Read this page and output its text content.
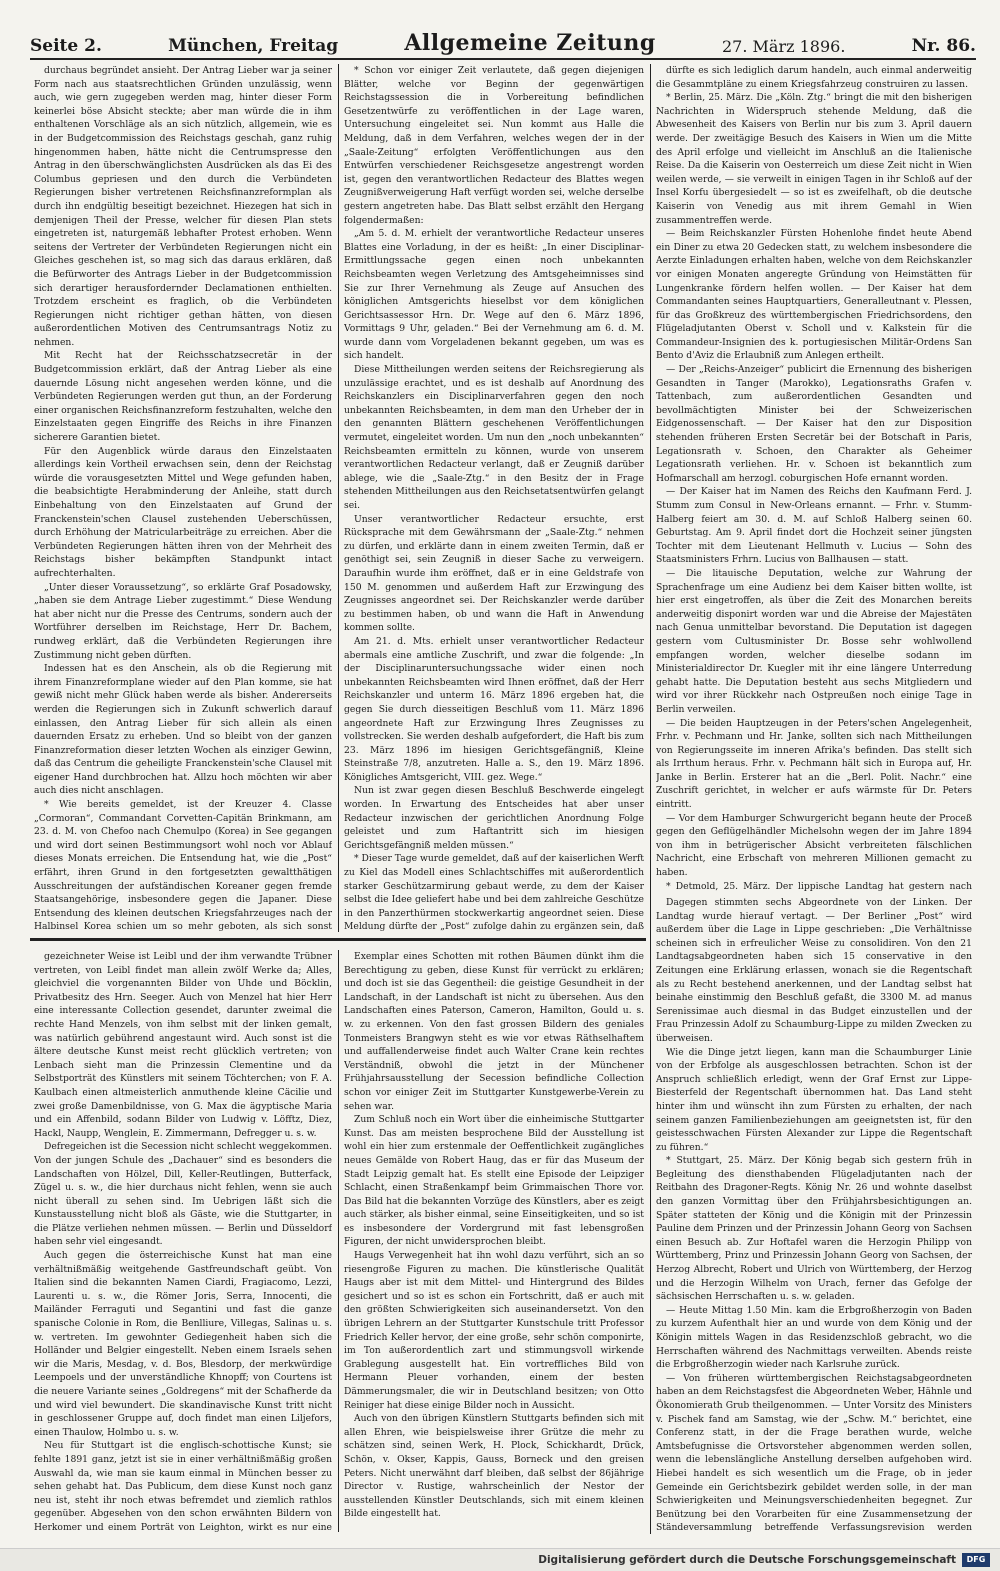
Seite 2.	München, Freitag	Allgemeine Zeitung	27. März 1896.	Nr. 86.

durchaus begründet ansieht. Der Antrag Lieber war ja seiner Form nach aus staatsrechtlichen Gründen unzulässig, wenn auch, wie gern zugegeben werden mag, hinter dieser Form keinerlei böse Absicht steckte; aber man würde die in ihm enthaltenen Vorschläge als an sich nützlich, allgemein, wie es in der Budgetcommission des Reichstags geschah, ganz ruhig hingenommen haben, hätte nicht die Centrumspresse den Antrag in den überschwänglichsten Ausdrücken als das Ei des Columbus gepriesen und den durch die Verbündeten Regierungen bisher vertretenen Reichsfinanzreformplan als durch ihn endgültig beseitigt bezeichnet. Hiezegen hat sich in demjenigen Theil der Presse, welcher für diesen Plan stets eingetreten ist, naturgemäß lebhafter Protest erhoben. Wenn seitens der Vertreter der Verbündeten Regierungen nicht ein Gleiches geschehen ist, so mag sich das daraus erklären, daß die Befürworter des Antrags Lieber in der Budgetcommission sich derartiger herausfordernder Declamationen enthielten. Trotzdem erscheint es fraglich, ob die Verbündeten Regierungen nicht richtiger gethan hätten, von diesen außerordentlichen Motiven des Centrumsantrags Notiz zu nehmen.

Mit Recht hat der Reichsschatzsecretär in der Budgetcommission erklärt, daß der Antrag Lieber als eine dauernde Lösung nicht angesehen werden könne, und die Verbündeten Regierungen werden gut thun, an der Forderung einer organischen Reichsfinanzreform festzuhalten, welche den Einzelstaaten gegen Eingriffe des Reichs in ihre Finanzen sicherere Garantien bietet.

Für den Augenblick würde daraus den Einzelstaaten allerdings kein Vortheil erwachsen sein, denn der Reichstag würde die vorausgesetzten Mittel und Wege gefunden haben, die beabsichtigte Herabminderung der Anleihe, statt durch Einbehaltung von den Einzelstaaten auf Grund der Franckenstein'schen Clausel zustehenden Ueberschüssen, durch Erhöhung der Matricularbeiträge zu erreichen. Aber die Verbündeten Regierungen hätten ihren von der Mehrheit des Reichstags bisher bekämpften Standpunkt intact aufrechterhalten.

„Unter dieser Voraussetzung“, so erklärte Graf Posadowsky, „haben sie dem Antrage Lieber zugestimmt.“ Diese Wendung hat aber nicht nur die Presse des Centrums, sondern auch der Wortführer derselben im Reichstage, Herr Dr. Bachem, rundweg erklärt, daß die Verbündeten Regierungen ihre Zustimmung nicht geben dürften.

Indessen hat es den Anschein, als ob die Regierung mit ihrem Finanzreformplane wieder auf den Plan komme, sie hat gewiß nicht mehr Glück haben werde als bisher. Andererseits werden die Regierungen sich in Zukunft schwerlich darauf einlassen, den Antrag Lieber für sich allein als einen dauernden Ersatz zu erheben. Und so bleibt von der ganzen Finanzreformation dieser letzten Wochen als einziger Gewinn, daß das Centrum die geheiligte Franckenstein'sche Clausel mit eigener Hand durchbrochen hat. Allzu hoch möchten wir aber auch dies nicht anschlagen.

* Wie bereits gemeldet, ist der Kreuzer 4. Classe „Cormoran“, Commandant Corvetten-Capitän Brinkmann, am 23. d. M. von Chefoo nach Chemulpo (Korea) in See gegangen und wird dort seinen Bestimmungsort wohl noch vor Ablauf dieses Monats erreichen. Die Entsendung hat, wie die „Post“ erfährt, ihren Grund in den fortgesetzten gewaltthätigen Ausschreitungen der aufständischen Koreaner gegen fremde Staatsangehörige, insbesondere gegen die Japaner. Diese Entsendung des kleinen deutschen Kriegsfahrzeuges nach der Halbinsel Korea schien um so mehr geboten, als sich sonst

* Schon vor einiger Zeit verlautete, daß gegen diejenigen Blätter, welche vor Beginn der gegenwärtigen Reichstagssession die in Vorbereitung befindlichen Gesetzentwürfe zu veröffentlichen in der Lage waren, Untersuchung eingeleitet sei. Nun kommt aus Halle die Meldung, daß in dem Verfahren, welches wegen der in der „Saale-Zeitung“ erfolgten Veröffentlichungen aus den Entwürfen verschiedener Reichsgesetze angestrengt worden ist, gegen den verantwortlichen Redacteur des Blattes wegen Zeugnißverweigerung Haft verfügt worden sei, welche derselbe gestern angetreten habe. Das Blatt selbst erzählt den Hergang folgendermaßen:

„Am 5. d. M. erhielt der verantwortliche Redacteur unseres Blattes eine Vorladung, in der es heißt: „In einer Disciplinar-Ermittlungssache gegen einen noch unbekannten Reichsbeamten wegen Verletzung des Amtsgeheimnisses sind Sie zur Ihrer Vernehmung als Zeuge auf Ansuchen des königlichen Amtsgerichts hieselbst vor dem königlichen Gerichtsassessor Hrn. Dr. Wege auf den 6. März 1896, Vormittags 9 Uhr, geladen.“ Bei der Vernehmung am 6. d. M. wurde dann vom Vorgeladenen bekannt gegeben, um was es sich handelt.

Diese Mittheilungen werden seitens der Reichsregierung als unzulässige erachtet, und es ist deshalb auf Anordnung des Reichskanzlers ein Disciplinarverfahren gegen den noch unbekannten Reichsbeamten, in dem man den Urheber der in den genannten Blättern geschehenen Veröffentlichungen vermutet, eingeleitet worden. Um nun den „noch unbekannten“ Reichsbeamten ermitteln zu können, wurde von unserem verantwortlichen Redacteur verlangt, daß er Zeugniß darüber ablege, wie die „Saale-Ztg.“ in den Besitz der in Frage stehenden Mittheilungen aus den Reichsetatsentwürfen gelangt sei.

Unser verantwortlicher Redacteur ersuchte, erst Rücksprache mit dem Gewährsmann der „Saale-Ztg.“ nehmen zu dürfen, und erklärte dann in einem zweiten Termin, daß er genöthigt sei, sein Zeugniß in dieser Sache zu verweigern. Daraufhin wurde ihm eröffnet, daß er in eine Geldstrafe von 150 M. genommen und außerdem Haft zur Erzwingung des Zeugnisses angeordnet sei. Der Reichskanzler werde darüber zu bestimmen haben, ob und wann die Haft in Anwendung kommen sollte.

Am 21. d. Mts. erhielt unser verantwortlicher Redacteur abermals eine amtliche Zuschrift, und zwar die folgende: „In der Disciplinaruntersuchungssache wider einen noch unbekannten Reichsbeamten wird Ihnen eröffnet, daß der Herr Reichskanzler und unterm 16. März 1896 ergeben hat, die gegen Sie durch diesseitigen Beschluß vom 11. März 1896 angeordnete Haft zur Erzwingung Ihres Zeugnisses zu vollstrecken. Sie werden deshalb aufgefordert, die Haft bis zum 23. März 1896 im hiesigen Gerichtsgefängniß, Kleine Steinstraße 7/8, anzutreten. Halle a. S., den 19. März 1896. Königliches Amtsgericht, VIII. gez. Wege.“

Nun ist zwar gegen diesen Beschluß Beschwerde eingelegt worden. In Erwartung des Entscheides hat aber unser Redacteur inzwischen der gerichtlichen Anordnung Folge geleistet und zum Haftantritt sich im hiesigen Gerichtsgefängniß melden müssen.“

* Dieser Tage wurde gemeldet, daß auf der kaiserlichen Werft zu Kiel das Modell eines Schlachtschiffes mit außerordentlich starker Geschützarmirung gebaut werde, zu dem der Kaiser selbst die Idee geliefert habe und bei dem zahlreiche Geschütze in den Panzerthürmen stockwerkartig angeordnet seien. Diese Meldung dürfte der „Post“ zufolge dahin zu ergänzen sein, daß

dürfte es sich lediglich darum handeln, auch einmal anderweitig die Gesammtpläne zu einem Kriegsfahrzeug construiren zu lassen.

* Berlin, 25. März. Die „Köln. Ztg.“ bringt die mit den bisherigen Nachrichten in Widerspruch stehende Meldung, daß die Abwesenheit des Kaisers von Berlin nur bis zum 3. April dauern werde. Der zweitägige Besuch des Kaisers in Wien um die Mitte des April erfolge und vielleicht im Anschluß an die Italienische Reise. Da die Kaiserin von Oesterreich um diese Zeit nicht in Wien weilen werde, — sie verweilt in einigen Tagen in ihr Schloß auf der Insel Korfu übergesiedelt — so ist es zweifelhaft, ob die deutsche Kaiserin von Venedig aus mit ihrem Gemahl in Wien zusammentreffen werde.

— Beim Reichskanzler Fürsten Hohenlohe findet heute Abend ein Diner zu etwa 20 Gedecken statt, zu welchem insbesondere die Aerzte Einladungen erhalten haben, welche von dem Reichskanzler vor einigen Monaten angeregte Gründung von Heimstätten für Lungenkranke fördern helfen wollen. — Der Kaiser hat dem Commandanten seines Hauptquartiers, Generalleutnant v. Plessen, für das Großkreuz des württembergischen Friedrichsordens, den Flügeladjutanten Oberst v. Scholl und v. Kalkstein für die Commandeur-Insignien des k. portugiesischen Militär-Ordens San Bento d'Aviz die Erlaubniß zum Anlegen ertheilt.

— Der „Reichs-Anzeiger“ publicirt die Ernennung des bisherigen Gesandten in Tanger (Marokko), Legationsraths Grafen v. Tattenbach, zum außerordentlichen Gesandten und bevollmächtigten Minister bei der Schweizerischen Eidgenossenschaft. — Der Kaiser hat den zur Disposition stehenden früheren Ersten Secretär bei der Botschaft in Paris, Legationsrath v. Schoen, den Charakter als Geheimer Legationsrath verliehen. Hr. v. Schoen ist bekanntlich zum Hofmarschall am herzogl. coburgischen Hofe ernannt worden.

— Der Kaiser hat im Namen des Reichs den Kaufmann Ferd. J. Stumm zum Consul in New-Orleans ernannt. — Frhr. v. Stumm-Halberg feiert am 30. d. M. auf Schloß Halberg seinen 60. Geburtstag. Am 9. April findet dort die Hochzeit seiner jüngsten Tochter mit dem Lieutenant Hellmuth v. Lucius — Sohn des Staatsministers Frhrn. Lucius von Ballhausen — statt.

— Die litauische Deputation, welche zur Wahrung der Sprachenfrage um eine Audienz bei dem Kaiser bitten wollte, ist hier erst eingetroffen, als über die Zeit des Monarchen bereits anderweitig disponirt worden war und die Abreise der Majestäten nach Genua unmittelbar bevorstand. Die Deputation ist dagegen gestern vom Cultusminister Dr. Bosse sehr wohlwollend empfangen worden, welcher dieselbe sodann im Ministerialdirector Dr. Kuegler mit ihr eine längere Unterredung gehabt hatte. Die Deputation besteht aus sechs Mitgliedern und wird vor ihrer Rückkehr nach Ostpreußen noch einige Tage in Berlin verweilen.

— Die beiden Hauptzeugen in der Peters'schen Angelegenheit, Frhr. v. Pechmann und Hr. Janke, sollten sich nach Mittheilungen von Regierungsseite im inneren Afrika's befinden. Das stellt sich als Irrthum heraus. Frhr. v. Pechmann hält sich in Europa auf, Hr. Janke in Berlin. Ersterer hat an die „Berl. Polit. Nachr.“ eine Zuschrift gerichtet, in welcher er aufs wärmste für Dr. Peters eintritt.

— Vor dem Hamburger Schwurgericht begann heute der Proceß gegen den Geflügelhändler Michelsohn wegen der im Jahre 1894 von ihm in betrügerischer Absicht verbreiteten fälschlichen Nachricht, eine Erbschaft von mehreren Millionen gemacht zu haben.

* Detmold, 25. März. Der lippische Landtag hat gestern nach

gezeichneter Weise ist Leibl und der ihm verwandte Trübner vertreten, von Leibl findet man allein zwölf Werke da; Alles, gleichviel die vorgenannten Bilder von Uhde und Böcklin, Privatbesitz des Hrn. Seeger. Auch von Menzel hat hier Herr eine interessante Collection gesendet, darunter zweimal die rechte Hand Menzels, von ihm selbst mit der linken gemalt, was natürlich gebührend angestaunt wird. Auch sonst ist die ältere deutsche Kunst meist recht glücklich vertreten; von Lenbach sieht man die Prinzessin Clementine und da Selbstporträt des Künstlers mit seinem Töchterchen; von F. A. Kaulbach einen altmeisterlich anmuthende kleine Cäcilie und zwei große Damenbildnisse, von G. Max die ägyptische Maria und ein Affenbild, sodann Bilder von Ludwig v. Löfftz, Diez, Hackl, Naupp, Wenglein, E. Zimmermann, Defregger u. s. w.

Defregeichen ist die Secession nicht schlecht weggekommen. Von der jungen Schule des „Dachauer“ sind es besonders die Landschaften von Hölzel, Dill, Keller-Reutlingen, Butterfack, Zügel u. s. w., die hier durchaus nicht fehlen, wenn sie auch nicht überall zu sehen sind. Im Uebrigen läßt sich die Kunstausstellung nicht bloß als Gäste, wie die Stuttgarter, in die Plätze verliehen nehmen müssen. — Berlin und Düsseldorf haben sehr viel eingesandt.

Auch gegen die österreichische Kunst hat man eine verhältnißmäßig weitgehende Gastfreundschaft geübt. Von Italien sind die bekannten Namen Ciardi, Fragiacomo, Lezzi, Laurenti u. s. w., die Römer Joris, Serra, Innocenti, die Mailänder Ferraguti und Segantini und fast die ganze spanische Colonie in Rom, die Benlliure, Villegas, Salinas u. s. w. vertreten. Im gewohnter Gediegenheit haben sich die Holländer und Belgier eingestellt. Neben einem Israels sehen wir die Maris, Mesdag, v. d. Bos, Blesdorp, der merkwürdige Leempoels und der unverständliche Khnopff; von Courtens ist die neuere Variante seines „Goldregens“ mit der Schafherde da und wird viel bewundert. Die skandinavische Kunst tritt nicht in geschlossener Gruppe auf, doch findet man einen Liljefors, einen Thaulow, Holmbo u. s. w.

Neu für Stuttgart ist die englisch-schottische Kunst; sie fehlte 1891 ganz, jetzt ist sie in einer verhältnißmäßig großen Auswahl da, wie man sie kaum einmal in München besser zu sehen gehabt hat. Das Publicum, dem diese Kunst noch ganz neu ist, steht ihr noch etwas befremdet und ziemlich rathlos gegenüber. Abgesehen von den schon erwähnten Bildern von Herkomer und einem Porträt von Leighton, wirkt es nur eine

Exemplar eines Schotten mit rothen Bäumen dünkt ihm die Berechtigung zu geben, diese Kunst für verrückt zu erklären; und doch ist sie das Gegentheil: die geistige Gesundheit in der Landschaft, in der Landschaft ist nicht zu übersehen. Aus den Landschaften eines Paterson, Cameron, Hamilton, Gould u. s. w. zu erkennen. Von den fast grossen Bildern des geniales Tonmeisters Brangwyn steht es wie vor etwas Räthselhaftem und auffallenderweise findet auch Walter Crane kein rechtes Verständniß, obwohl die jetzt in der Münchener Frühjahrsausstellung der Secession befindliche Collection schon vor einiger Zeit im Stuttgarter Kunstgewerbe-Verein zu sehen war.

Zum Schluß noch ein Wort über die einheimische Stuttgarter Kunst. Das am meisten besprochene Bild der Ausstellung ist wohl ein hier zum erstenmale der Oeffentlichkeit zugängliches neues Gemälde von Robert Haug, das er für das Museum der Stadt Leipzig gemalt hat. Es stellt eine Episode der Leipziger Schlacht, einen Straßenkampf beim Grimmaischen Thore vor. Das Bild hat die bekannten Vorzüge des Künstlers, aber es zeigt auch stärker, als bisher einmal, seine Einseitigkeiten, und so ist es insbesondere der Vordergrund mit fast lebensgroßen Figuren, der nicht unwidersprochen bleibt.

Haugs Verwegenheit hat ihn wohl dazu verführt, sich an so riesengroße Figuren zu machen. Die künstlerische Qualität Haugs aber ist mit dem Mittel- und Hintergrund des Bildes gesichert und so ist es schon ein Fortschritt, daß er auch mit den größten Schwierigkeiten sich auseinandersetzt. Von den übrigen Lehrern an der Stuttgarter Kunstschule tritt Professor Friedrich Keller hervor, der eine große, sehr schön componirte, im Ton außerordentlich zart und stimmungsvoll wirkende Grablegung ausgestellt hat. Ein vortreffliches Bild von Hermann Pleuer vorhanden, einem der besten Dämmerungsmaler, die wir in Deutschland besitzen; von Otto Reiniger hat diese einige Bilder noch in Aussicht.

Auch von den übrigen Künstlern Stuttgarts befinden sich mit allen Ehren, wie beispielsweise ihrer Grütze die mehr zu schätzen sind, seinen Werk, H. Plock, Schickhardt, Drück, Schön, v. Okser, Kappis, Gauss, Borneck und den greisen Peters. Nicht unerwähnt darf bleiben, daß selbst der 86jährige Director v. Rustige, wahrscheinlich der Nestor der ausstellenden Künstler Deutschlands, sich mit einem kleinen Bilde eingestellt hat.

Dagegen stimmten sechs Abgeordnete von der Linken. Der Landtag wurde hierauf vertagt. — Der Berliner „Post“ wird außerdem über die Lage in Lippe geschrieben: „Die Verhältnisse scheinen sich in erfreulicher Weise zu consolidiren. Von den 21 Landtagsabgeordneten haben sich 15 conservative in den Zeitungen eine Erklärung erlassen, wonach sie die Regentschaft als zu Recht bestehend anerkennen, und der Landtag selbst hat beinahe einstimmig den Beschluß gefaßt, die 3300 M. ad manus Serenissimae auch diesmal in das Budget einzustellen und der Frau Prinzessin Adolf zu Schaumburg-Lippe zu milden Zwecken zu überweisen.

Wie die Dinge jetzt liegen, kann man die Schaumburger Linie von der Erbfolge als ausgeschlossen betrachten. Schon ist der Anspruch schließlich erledigt, wenn der Graf Ernst zur Lippe-Biesterfeld der Regentschaft übernommen hat. Das Land steht hinter ihm und wünscht ihn zum Fürsten zu erhalten, der nach seinem ganzen Familienbeziehungen am geeignetsten ist, für den geistesschwachen Fürsten Alexander zur Lippe die Regentschaft zu führen.“

* Stuttgart, 25. März. Der König begab sich gestern früh in Begleitung des diensthabenden Flügeladjutanten nach der Reitbahn des Dragoner-Regts. König Nr. 26 und wohnte daselbst den ganzen Vormittag über den Frühjahrsbesichtigungen an. Später statteten der König und die Königin mit der Prinzessin Pauline dem Prinzen und der Prinzessin Johann Georg von Sachsen einen Besuch ab. Zur Hoftafel waren die Herzogin Philipp von Württemberg, Prinz und Prinzessin Johann Georg von Sachsen, der Herzog Albrecht, Robert und Ulrich von Württemberg, der Herzog und die Herzogin Wilhelm von Urach, ferner das Gefolge der sächsischen Herrschaften u. s. w. geladen.

— Heute Mittag 1.50 Min. kam die Erbgroßherzogin von Baden zu kurzem Aufenthalt hier an und wurde von dem König und der Königin mittels Wagen in das Residenzschloß gebracht, wo die Herrschaften während des Nachmittags verweilten. Abends reiste die Erbgroßherzogin wieder nach Karlsruhe zurück.

— Von früheren württembergischen Reichstagsabgeordneten haben an dem Reichstagsfest die Abgeordneten Weber, Hähnle und Ökonomierath Grub theilgenommen. — Unter Vorsitz des Ministers v. Pischek fand am Samstag, wie der „Schw. M.“ berichtet, eine Conferenz statt, in der die Frage berathen wurde, welche Amtsbefugnisse die Ortsvorsteher abgenommen werden sollen, wenn die lebenslängliche Anstellung derselben aufgehoben wird. Hiebei handelt es sich wesentlich um die Frage, ob in jeder Gemeinde ein Gerichtsbezirk gebildet werden solle, in der man Schwierigkeiten und Meinungsverschiedenheiten begegnet. Zur Benützung bei den Vorarbeiten für eine Zusammensetzung der Ständeversammlung betreffende Verfassungsrevision werden

Digitalisierung gefördert durch die Deutsche Forschungsgemeinschaft	DFG
